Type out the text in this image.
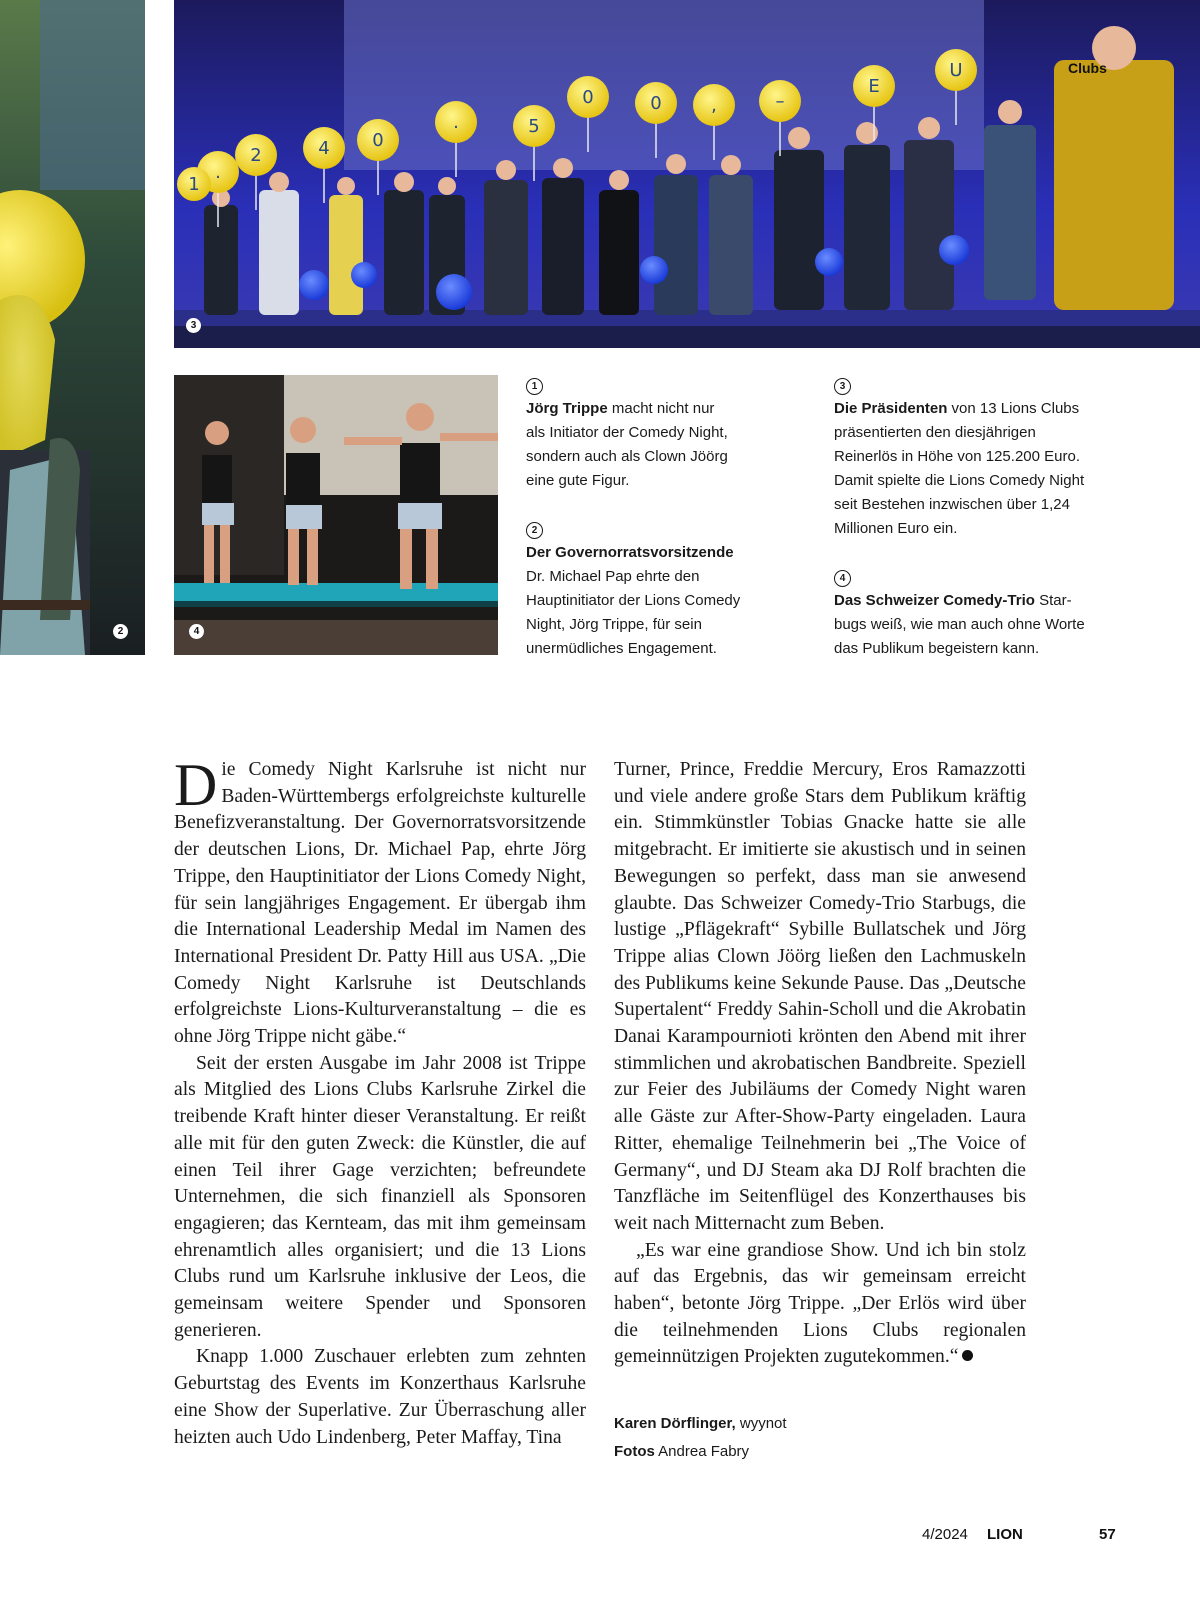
2
.
2	4 0
.	5
0	0	,	–
E
U
1
3
Clubs
4
1
Jörg Trippe macht nicht nur
als Initiator der Comedy Night,
sondern auch als Clown Jöörg
eine gute Figur.
2
Der Governorratsvorsitzende
Dr. Michael Pap ehrte den
Hauptinitiator der Lions Comedy
Night, Jörg Trippe, für sein
unermüdliches Engagement.
3
Die Präsidenten von 13 Lions Clubs
präsentierten den diesjährigen
Reinerlös in Höhe von 125.200 Euro.
Damit spielte die Lions Comedy Night
seit Bestehen inzwischen über 1,24
Millionen Euro ein.
4
Das Schweizer Comedy-Trio Star-
bugs weiß, wie man auch ohne Worte
das Publikum begeistern kann.

Die Comedy Night Karlsruhe ist nicht nur Baden-Württembergs erfolgreichste kulturelle Benefizveranstaltung. Der Governorratsvorsitzende der deutschen Lions, Dr. Michael Pap, ehrte Jörg Trippe, den Hauptinitiator der Lions Comedy Night, für sein langjähriges Engagement. Er übergab ihm die International Leadership Medal im Namen des International President Dr. Patty Hill aus USA. „Die Comedy Night Karlsruhe ist Deutschlands erfolgreichste Lions-Kulturveranstaltung – die es ohne Jörg Trippe nicht gäbe.“

Seit der ersten Ausgabe im Jahr 2008 ist Trippe als Mitglied des Lions Clubs Karlsruhe Zirkel die treibende Kraft hinter dieser Veranstaltung. Er reißt alle mit für den guten Zweck: die Künstler, die auf einen Teil ihrer Gage verzichten; befreundete Unternehmen, die sich finanziell als Sponsoren engagieren; das Kernteam, das mit ihm gemeinsam ehrenamtlich alles organisiert; und die 13 Lions Clubs rund um Karlsruhe inklusive der Leos, die gemeinsam weitere Spender und Sponsoren generieren.

Knapp 1.000 Zuschauer erlebten zum zehnten Geburtstag des Events im Konzerthaus Karlsruhe eine Show der Superlative. Zur Überraschung aller heizten auch Udo Lindenberg, Peter Maffay, Tina

Turner, Prince, Freddie Mercury, Eros Ramazzotti und viele andere große Stars dem Publikum kräftig ein. Stimmkünstler Tobias Gnacke hatte sie alle mitgebracht. Er imitierte sie akustisch und in seinen Bewegungen so perfekt, dass man sie anwesend glaubte. Das Schweizer Comedy-Trio Starbugs, die lustige „Pflägekraft“ Sybille Bullatschek und Jörg Trippe alias Clown Jöörg ließen den Lachmuskeln des Publikums keine Sekunde Pause. Das „Deutsche Supertalent“ Freddy Sahin-Scholl und die Akrobatin Danai Karampournioti krönten den Abend mit ihrer stimmlichen und akrobatischen Bandbreite. Speziell zur Feier des Jubiläums der Comedy Night waren alle Gäste zur After-Show-Party eingeladen. Laura Ritter, ehemalige Teilnehmerin bei „The Voice of Germany“, und DJ Steam aka DJ Rolf brachten die Tanzfläche im Seitenflügel des Konzerthauses bis weit nach Mitternacht zum Beben.

„Es war eine grandiose Show. Und ich bin stolz auf das Ergebnis, das wir gemeinsam erreicht haben“, betonte Jörg Trippe. „Der Erlös wird über die teilnehmenden Lions Clubs regionalen gemeinnützigen Projekten zugutekommen.“

Karen Dörflinger, wyynot
Fotos Andrea Fabry
4/2024 LION	57
